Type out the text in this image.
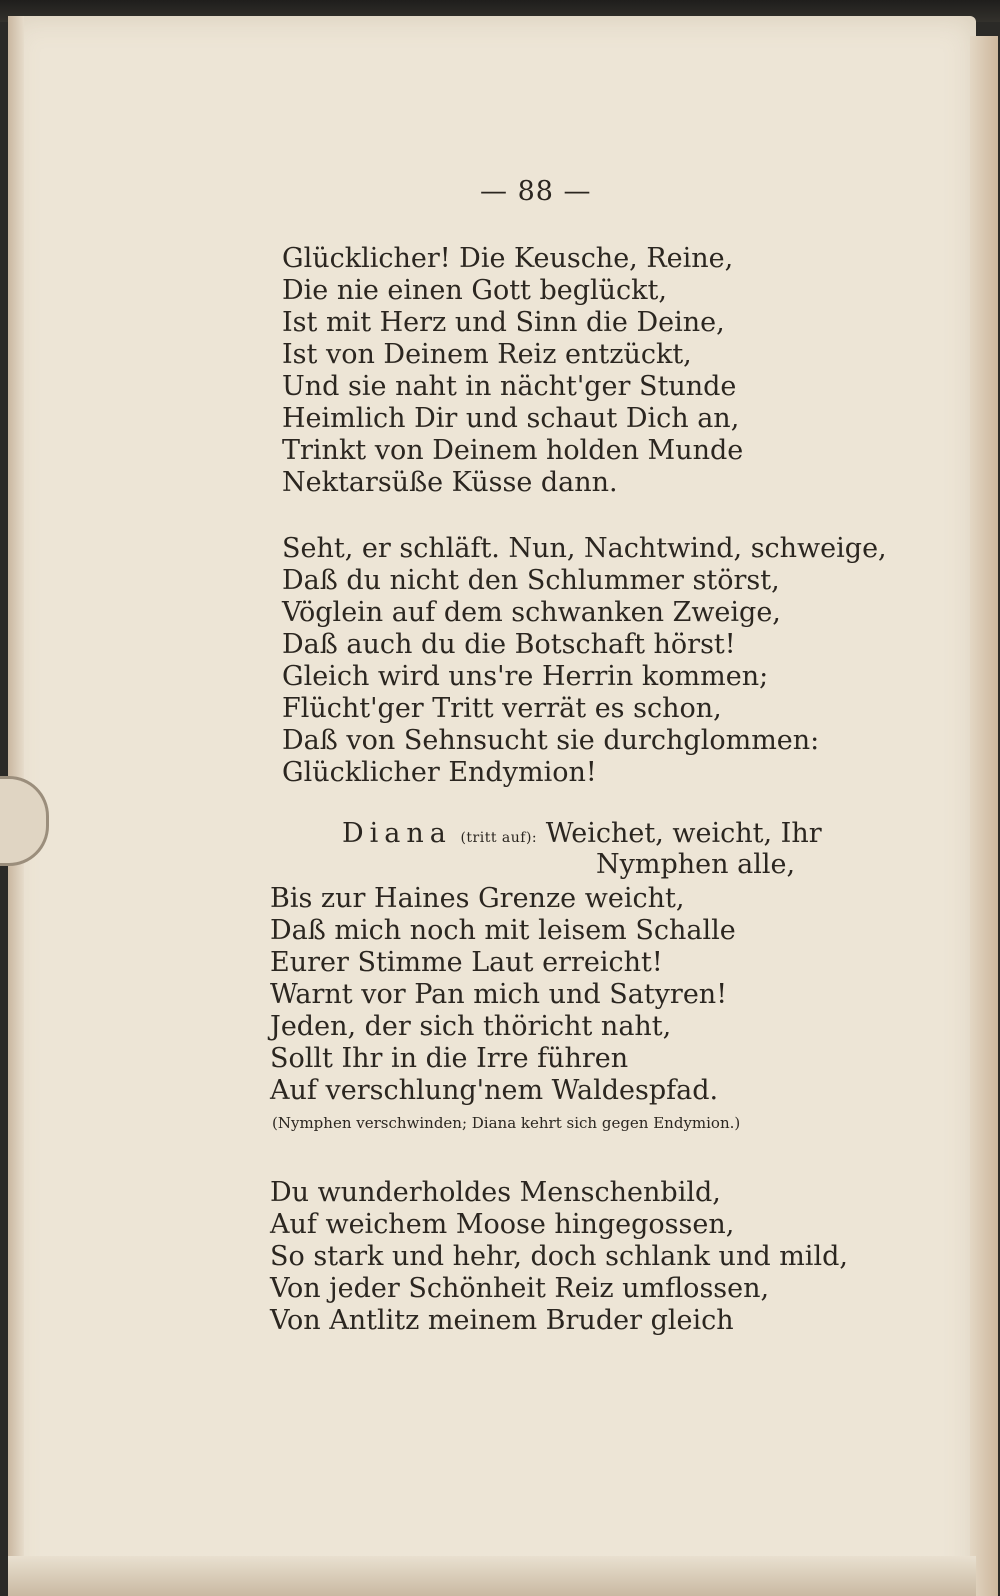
— 88 —
Glücklicher! Die Keusche, Reine,
Die nie einen Gott beglückt,
Ist mit Herz und Sinn die Deine,
Ist von Deinem Reiz entzückt,
Und sie naht in nächt'ger Stunde
Heimlich Dir und schaut Dich an,
Trinkt von Deinem holden Munde
Nektarsüße Küsse dann.
Seht, er schläft. Nun, Nachtwind, schweige,
Daß du nicht den Schlummer störst,
Vöglein auf dem schwanken Zweige,
Daß auch du die Botschaft hörst!
Gleich wird uns're Herrin kommen;
Flücht'ger Tritt verrät es schon,
Daß von Sehnsucht sie durchglommen:
Glücklicher Endymion!
Diana (tritt auf): Weichet, weicht, Ihr
Nymphen alle,
Bis zur Haines Grenze weicht,
Daß mich noch mit leisem Schalle
Eurer Stimme Laut erreicht!
Warnt vor Pan mich und Satyren!
Jeden, der sich thöricht naht,
Sollt Ihr in die Irre führen
Auf verschlung'nem Waldespfad.
(Nymphen verschwinden; Diana kehrt sich gegen Endymion.)
Du wunderholdes Menschenbild,
Auf weichem Moose hingegossen,
So stark und hehr, doch schlank und mild,
Von jeder Schönheit Reiz umflossen,
Von Antlitz meinem Bruder gleich
